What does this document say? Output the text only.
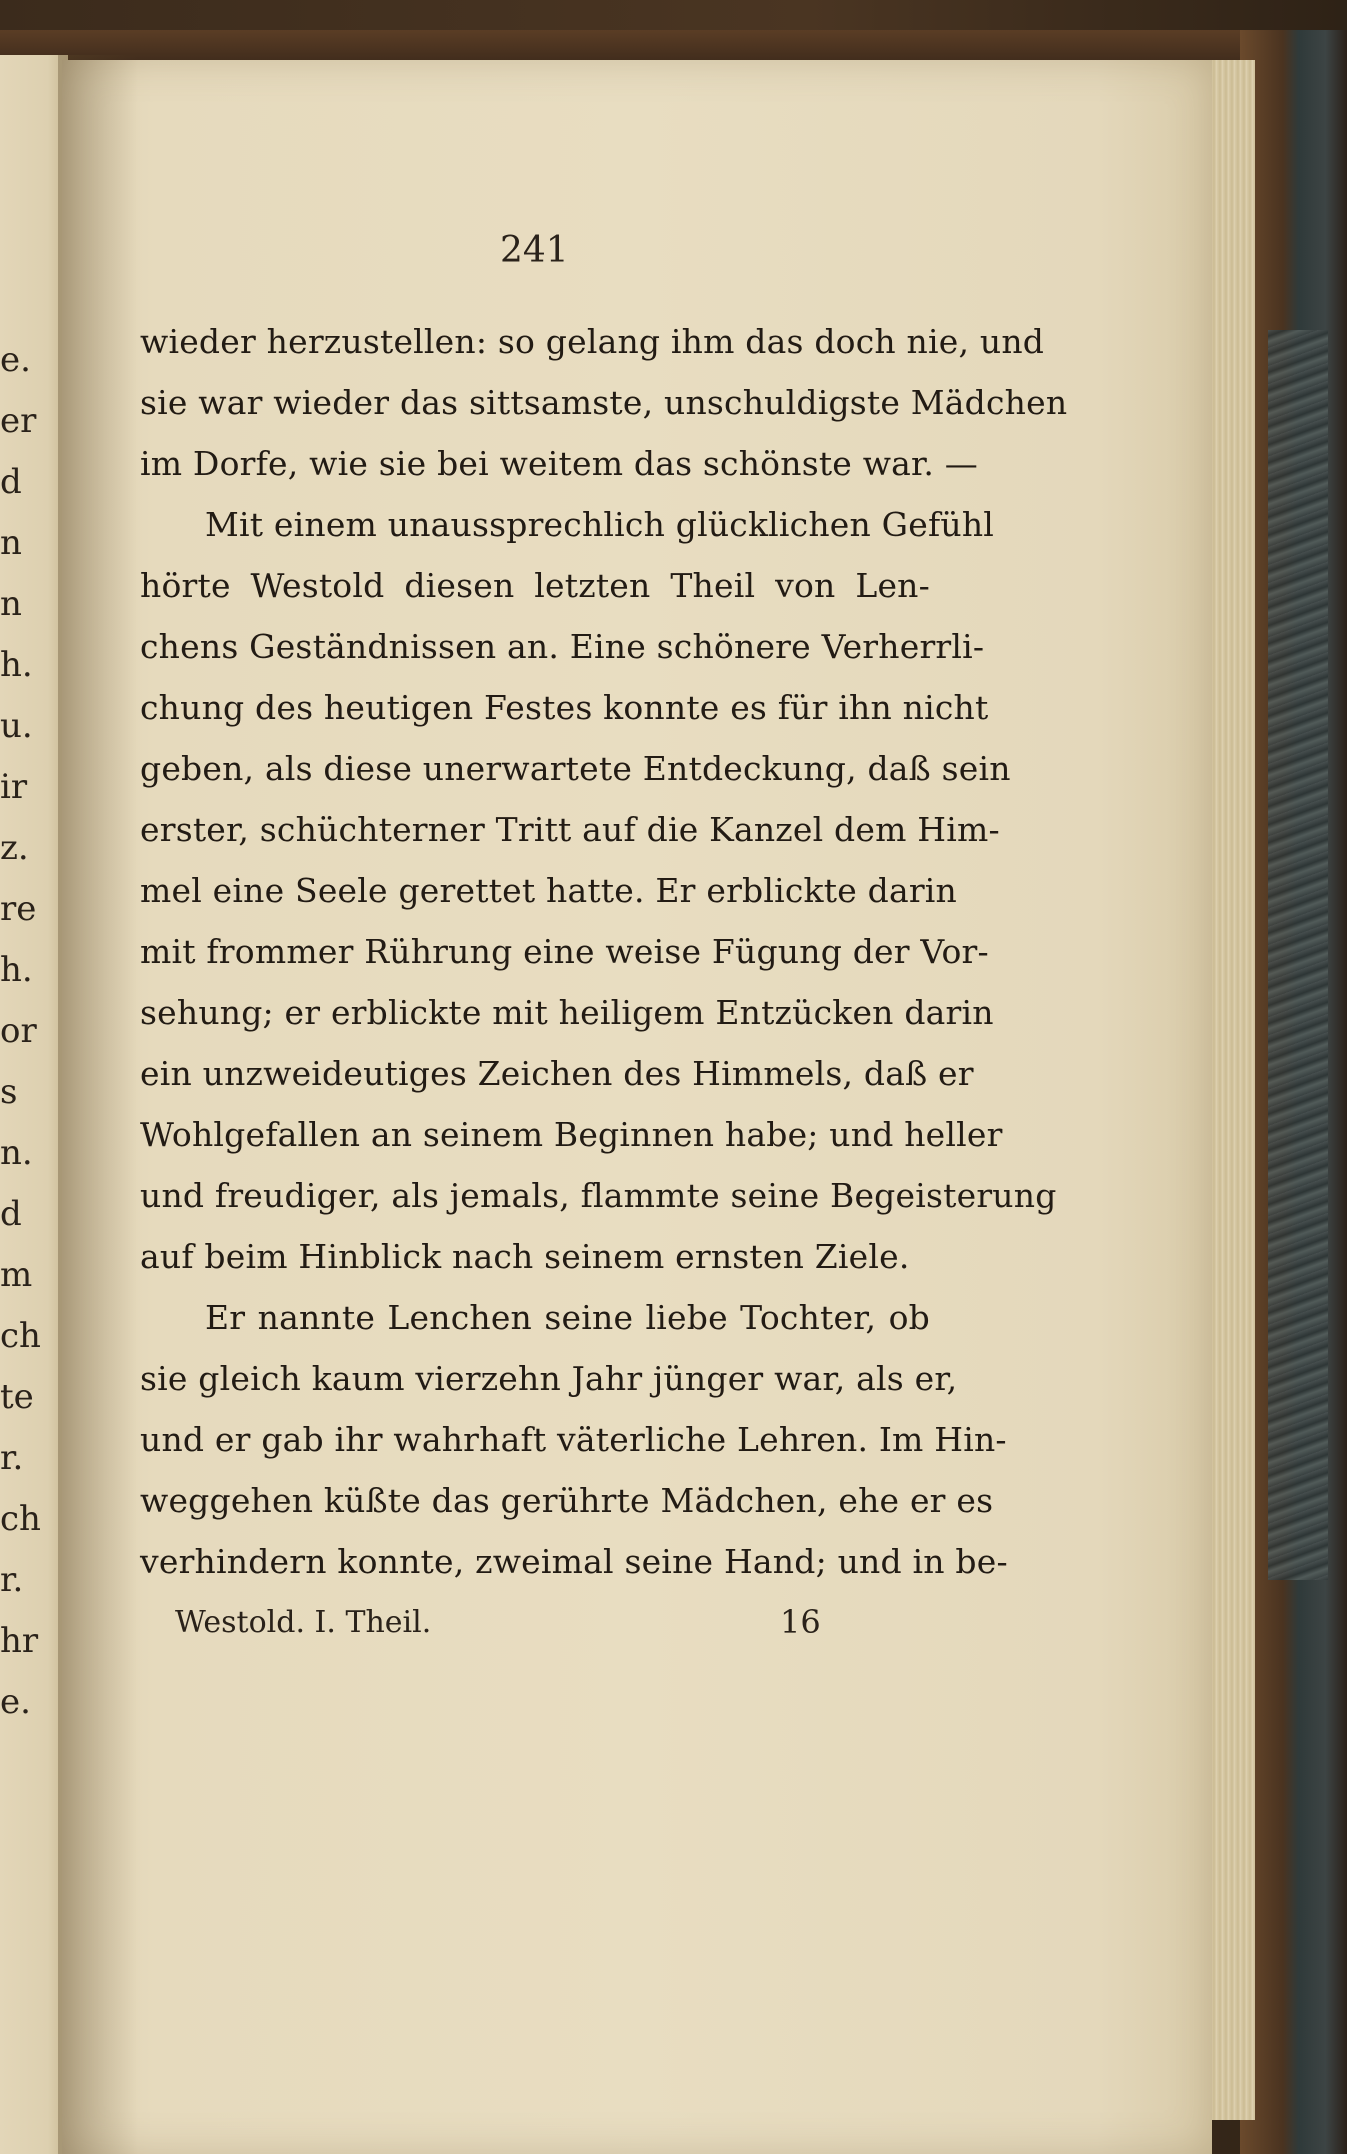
e.
er
d
n
n
h.
u.
ir
z.
re
h.
or
s
n.
d
m
ch
te
r.
ch
r.
hr
e.
241
wieder herzustellen: so gelang ihm das doch nie, und
sie war wieder das sittsamste, unschuldigste Mädchen
im Dorfe, wie sie bei weitem das schönste war. —
Mit einem unaussprechlich glücklichen Gefühl
hörte Westold diesen letzten Theil von Len-
chens Geständnissen an. Eine schönere Verherrli-
chung des heutigen Festes konnte es für ihn nicht
geben, als diese unerwartete Entdeckung, daß sein
erster, schüchterner Tritt auf die Kanzel dem Him-
mel eine Seele gerettet hatte. Er erblickte darin
mit frommer Rührung eine weise Fügung der Vor-
sehung; er erblickte mit heiligem Entzücken darin
ein unzweideutiges Zeichen des Himmels, daß er
Wohlgefallen an seinem Beginnen habe; und heller
und freudiger, als jemals, flammte seine Begeisterung
auf beim Hinblick nach seinem ernsten Ziele.
Er nannte Lenchen seine liebe Tochter, ob
sie gleich kaum vierzehn Jahr jünger war, als er,
und er gab ihr wahrhaft väterliche Lehren. Im Hin-
weggehen küßte das gerührte Mädchen, ehe er es
verhindern konnte, zweimal seine Hand; und in be-
Westold. I. Theil.	16
